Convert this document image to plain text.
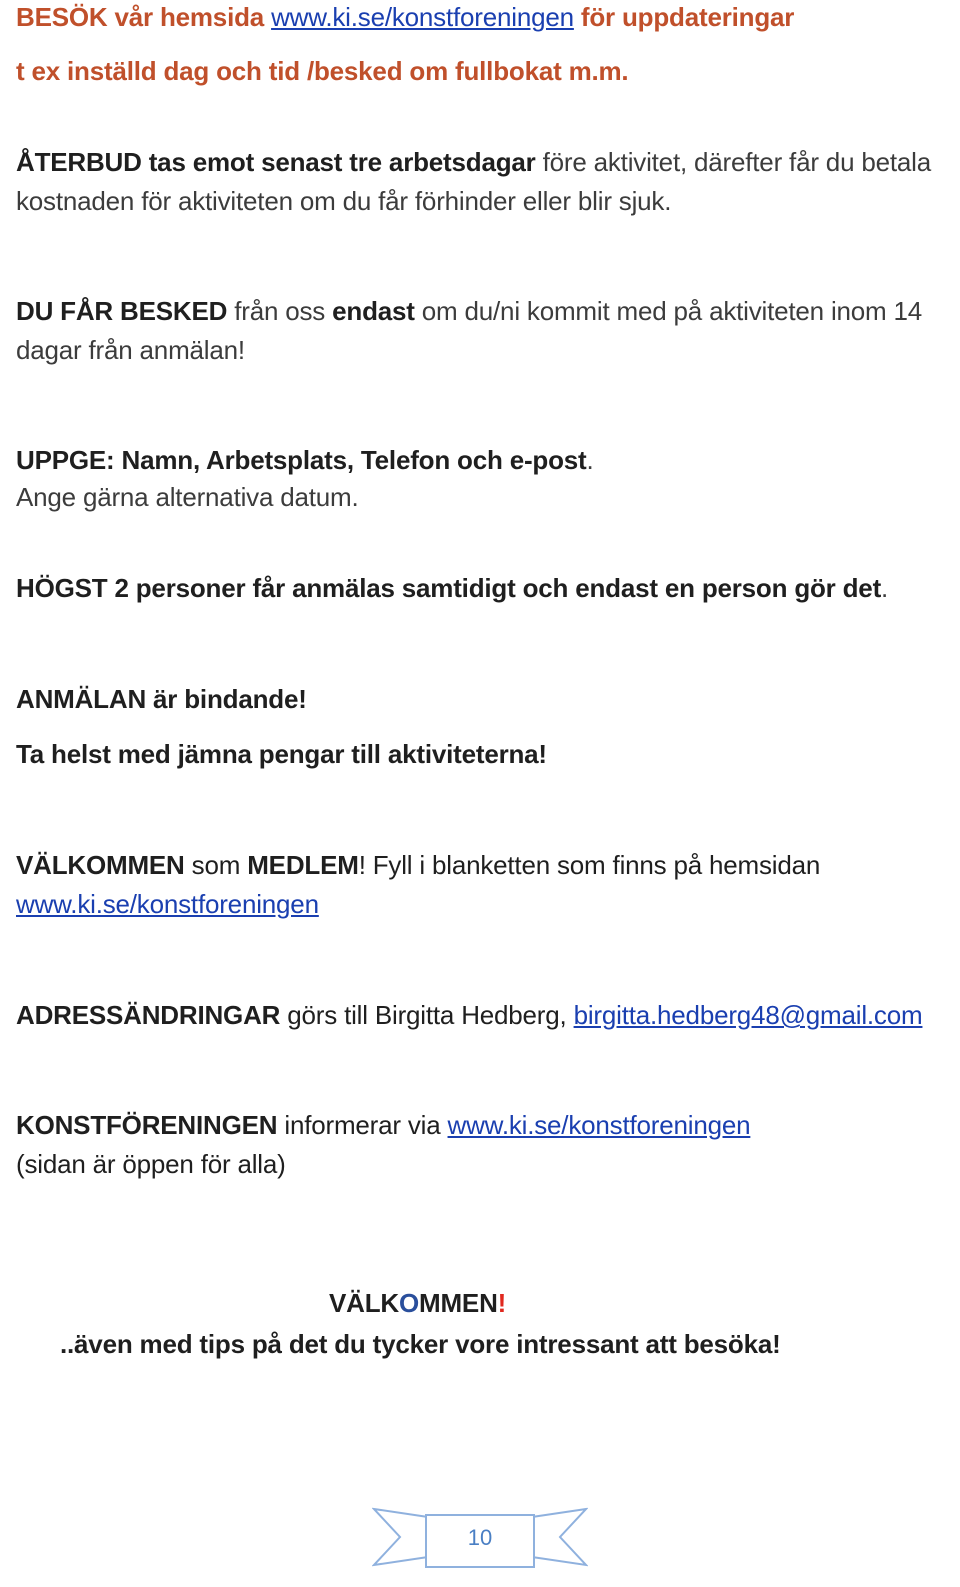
BESÖK vår hemsida www.ki.se/konstforeningen för uppdateringar
t ex inställd dag och tid /besked om fullbokat m.m.
ÅTERBUD tas emot senast tre arbetsdagar före aktivitet, därefter får du betala
kostnaden för aktiviteten om du får förhinder eller blir sjuk.
DU FÅR BESKED från oss endast om du/ni kommit med på aktiviteten inom 14
dagar från anmälan!
UPPGE: Namn, Arbetsplats, Telefon och e-post.
Ange gärna alternativa datum.
HÖGST 2 personer får anmälas samtidigt och endast en person gör det.
ANMÄLAN är bindande!
Ta helst med jämna pengar till aktiviteterna!
VÄLKOMMEN som MEDLEM! Fyll i blanketten som finns på hemsidan
www.ki.se/konstforeningen
ADRESSÄNDRINGAR görs till Birgitta Hedberg, birgitta.hedberg48@gmail.com
KONSTFÖRENINGEN informerar via www.ki.se/konstforeningen
(sidan är öppen för alla)
VÄLKOMMEN!
..även med tips på det du tycker vore intressant att besöka!
10
